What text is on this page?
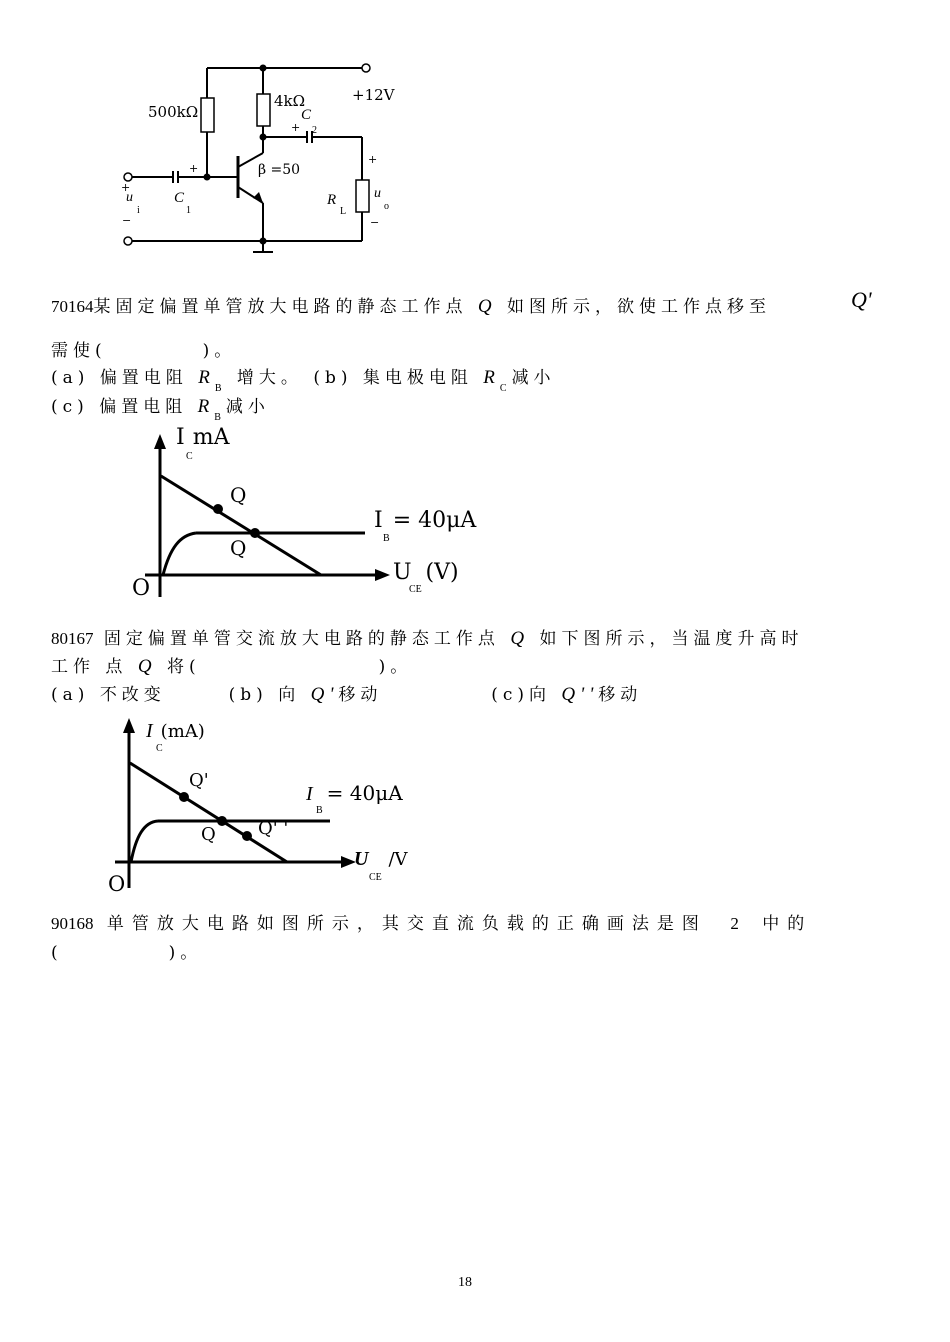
500kΩ
4kΩ	+12V
C
+ 2
β =50
+
C
1
+
u
i
−
R
L
+
u
o
−
70164某固定偏置单管放大电路的静态工作点 Q 如图所示，欲使工作点移至	Q'
需使(	)。
(a) 偏置电阻 $R_B$ 增大。 (b) 集电极电阻 $R_C$减小
(c) 偏置电阻 $R_B$减小
I mA
C
Q
Q
I = 40μA
B
U (V)
CE
O
80167 固定偏置单管交流放大电路的静态工作点 Q 如下图所示，当温度升高时
工作 点 Q 将(	)。
(a) 不改变	(b) 向 Q'移动	(c)向 Q''移动
I (mA)
C
Q'
Q Q' '
I = 40μA
B
U /V
CE
O
90168 单管放大电路如图所示，其交直流负载的正确画法是图 2 中的
(	)。
18
